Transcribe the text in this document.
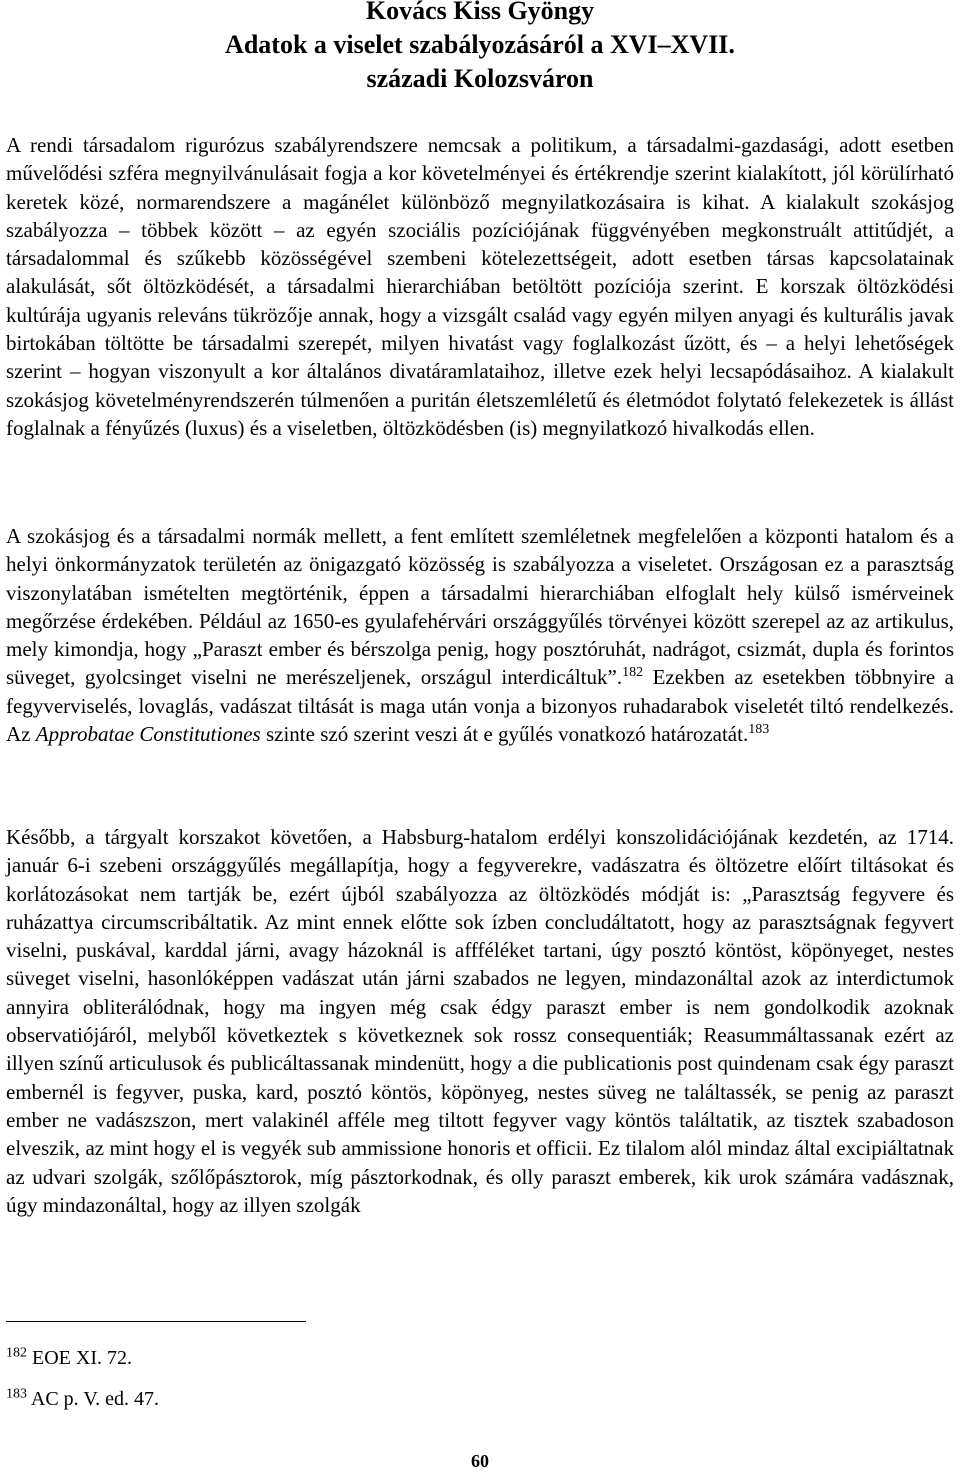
Kovács Kiss Gyöngy
Adatok a viselet szabályozásáról a XVI–XVII.
századi Kolozsváron

A rendi társadalom rigurózus szabályrendszere nemcsak a politikum, a társadalmi-gazdasági, adott esetben művelődési szféra megnyilvánulásait fogja a kor követelményei és értékrendje szerint kialakított, jól körülírható keretek közé, normarendszere a magánélet különböző megnyilatkozásaira is kihat. A kialakult szokásjog szabályozza – többek között – az egyén szociális pozíciójának függvényében megkonstruált attitűdjét, a társadalommal és szűkebb közösségével szembeni kötelezettségeit, adott esetben társas kapcsolatainak alakulását, sőt öltözködését, a társadalmi hierarchiában betöltött pozíciója szerint. E korszak öltözködési kultúrája ugyanis releváns tükrözője annak, hogy a vizsgált család vagy egyén milyen anyagi és kulturális javak birtokában töltötte be társadalmi szerepét, milyen hivatást vagy foglalkozást űzött, és – a helyi lehetőségek szerint – hogyan viszonyult a kor általános divatáramlataihoz, illetve ezek helyi lecsapódásaihoz. A kialakult szokásjog követelményrendszerén túlmenően a puritán életszemléletű és életmódot folytató felekezetek is állást foglalnak a fényűzés (luxus) és a viseletben, öltözködésben (is) megnyilatkozó hivalkodás ellen.

A szokásjog és a társadalmi normák mellett, a fent említett szemléletnek megfelelően a központi hatalom és a helyi önkormányzatok területén az önigazgató közösség is szabályozza a viseletet. Országosan ez a parasztság viszonylatában ismételten megtörténik, éppen a társadalmi hierarchiában elfoglalt hely külső ismérveinek megőrzése érdekében. Például az 1650-es gyulafehérvári országgyűlés törvényei között szerepel az az artikulus, mely kimondja, hogy „Paraszt ember és bérszolga penig, hogy posztóruhát, nadrágot, csizmát, dupla és forintos süveget, gyolcsinget viselni ne merészeljenek, országul interdicáltuk”.$^{182}$ Ezekben az esetekben többnyire a fegyverviselés, lovaglás, vadászat tiltását is maga után vonja a bizonyos ruhadarabok viseletét tiltó rendelkezés. Az Approbatae Constitutiones szinte szó szerint veszi át e gyűlés vonatkozó határozatát.$^{183}$

Később, a tárgyalt korszakot követően, a Habsburg-hatalom erdélyi konszolidációjának kezdetén, az 1714. január 6-i szebeni országgyűlés megállapítja, hogy a fegyverekre, vadászatra és öltözetre előírt tiltásokat és korlátozásokat nem tartják be, ezért újból szabályozza az öltözködés módját is: „Parasztság fegyvere és ruházattya circumscribáltatik. Az mint ennek előtte sok ízben concludáltatott, hogy az parasztságnak fegyvert viselni, puskával, karddal járni, avagy házoknál is affféléket tartani, úgy posztó köntöst, köpönyeget, nestes süveget viselni, hasonlóképpen vadászat után járni szabados ne legyen, mindazonáltal azok az interdictumok annyira obliterálódnak, hogy ma ingyen még csak édgy paraszt ember is nem gondolkodik azoknak observatiójáról, melyből következtek s következnek sok rossz consequentiák; Reasummáltassanak ezért az illyen színű articulusok és publicáltassanak mindenütt, hogy a die publicationis post quindenam csak égy paraszt embernél is fegyver, puska, kard, posztó köntös, köpönyeg, nestes süveg ne találtassék, se penig az paraszt ember ne vadászszon, mert valakinél afféle meg tiltott fegyver vagy köntös találtatik, az tisztek szabadoson elveszik, az mint hogy el is vegyék sub ammissione honoris et officii. Ez tilalom alól mindaz által excipiáltatnak az udvari szolgák, szőlőpásztorok, míg pásztorkodnak, és olly paraszt emberek, kik urok számára vadásznak, úgy mindazonáltal, hogy az illyen szolgák

$^{182}$ EOE XI. 72.
$^{183}$ AC p. V. ed. 47.
60
